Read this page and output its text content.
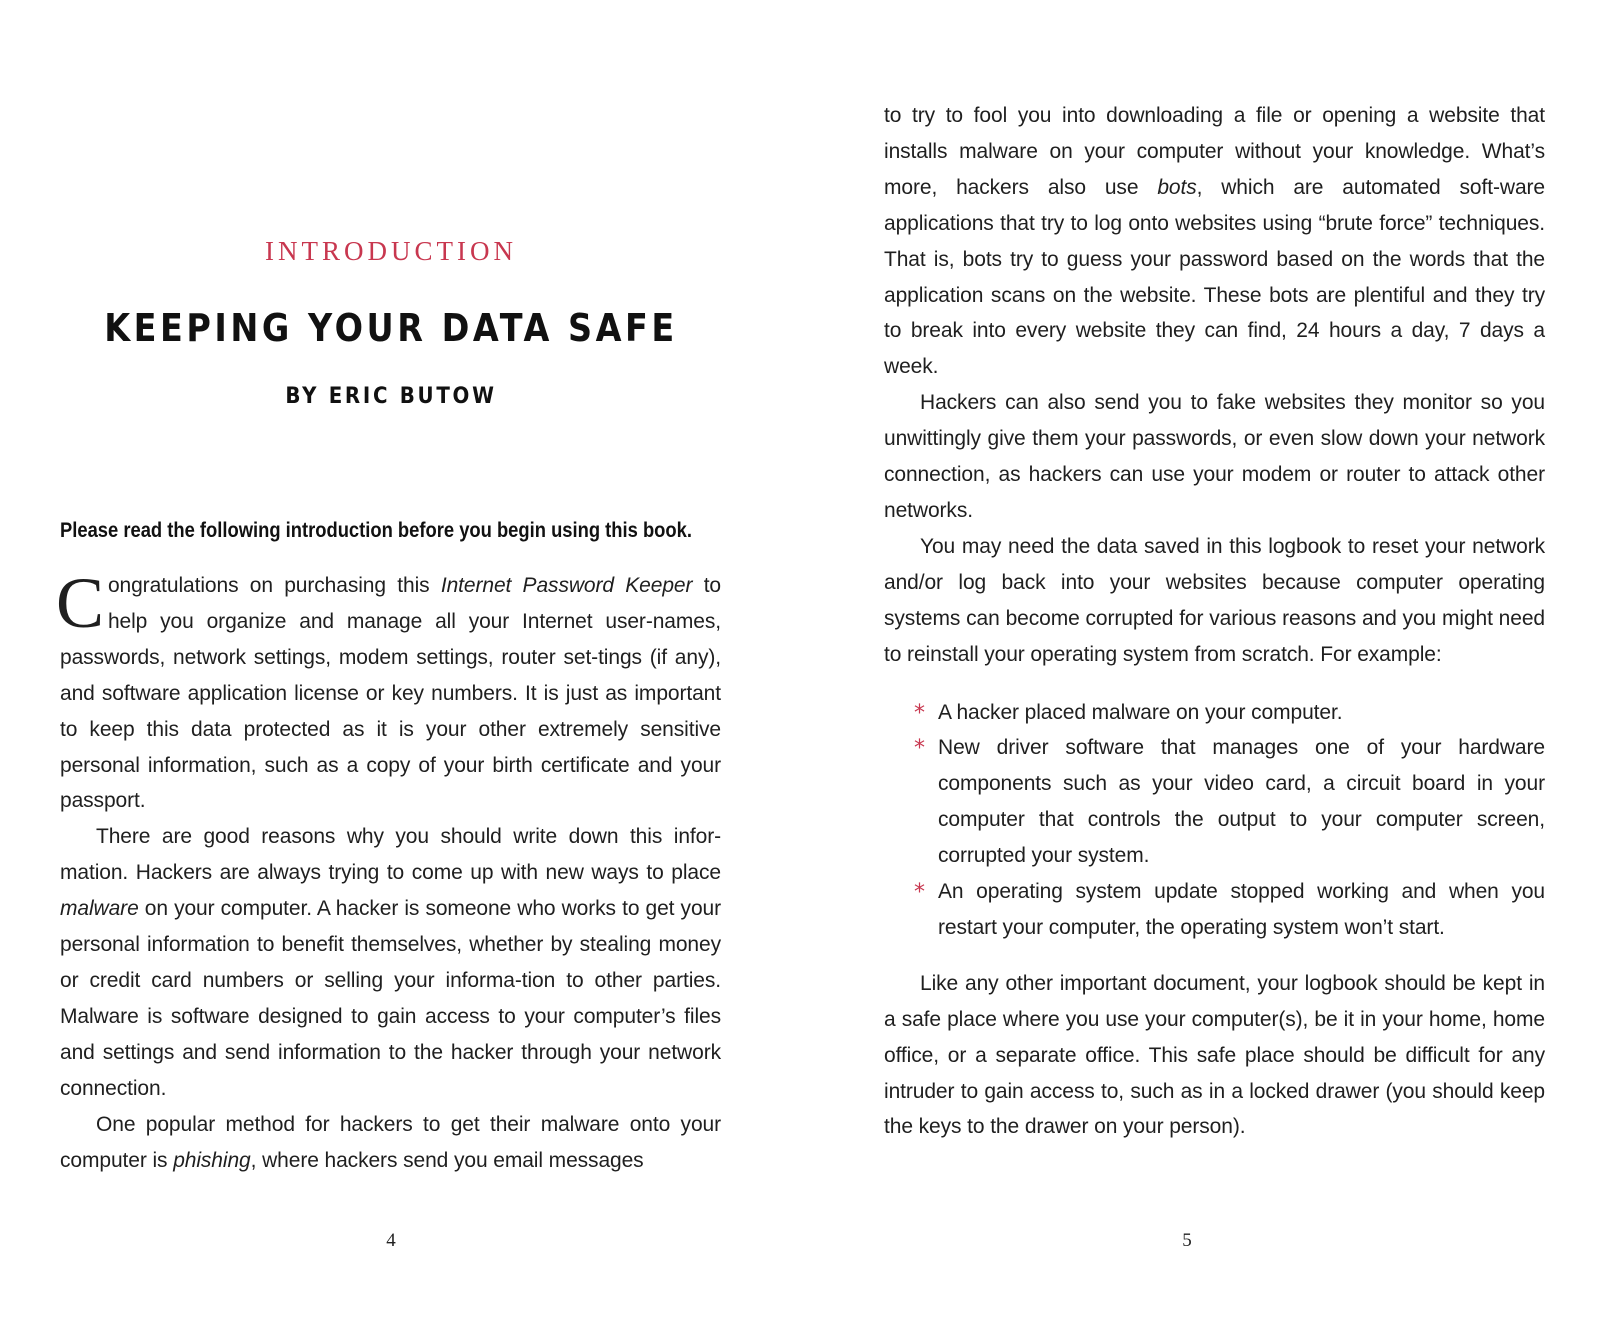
INTRODUCTION
KEEPING YOUR DATA SAFE
BY ERIC BUTOW
Please read the following introduction before you begin using this book.

Congratulations on purchasing this Internet Password Keeper to help you organize and manage all your Internet user-names, passwords, network settings, modem settings, router set-tings (if any), and software application license or key numbers. It is just as important to keep this data protected as it is your other extremely sensitive personal information, such as a copy of your birth certificate and your passport.

There are good reasons why you should write down this infor-mation. Hackers are always trying to come up with new ways to place malware on your computer. A hacker is someone who works to get your personal information to benefit themselves, whether by stealing money or credit card numbers or selling your informa-tion to other parties. Malware is software designed to gain access to your computer’s files and settings and send information to the hacker through your network connection.

One popular method for hackers to get their malware onto your computer is phishing, where hackers send you email messages

4

to try to fool you into downloading a file or opening a website that installs malware on your computer without your knowledge. What’s more, hackers also use bots, which are automated soft-ware applications that try to log onto websites using “brute force” techniques. That is, bots try to guess your password based on the words that the application scans on the website. These bots are plentiful and they try to break into every website they can find, 24 hours a day, 7 days a week.

Hackers can also send you to fake websites they monitor so you unwittingly give them your passwords, or even slow down your network connection, as hackers can use your modem or router to attack other networks.

You may need the data saved in this logbook to reset your network and/or log back into your websites because computer operating systems can become corrupted for various reasons and you might need to reinstall your operating system from scratch. For example:

* A hacker placed malware on your computer.
* New driver software that manages one of your hardware components such as your video card, a circuit board in your computer that controls the output to your computer screen, corrupted your system.
* An operating system update stopped working and when you restart your computer, the operating system won’t start.

Like any other important document, your logbook should be kept in a safe place where you use your computer(s), be it in your home, home office, or a separate office. This safe place should be difficult for any intruder to gain access to, such as in a locked drawer (you should keep the keys to the drawer on your person).

5
